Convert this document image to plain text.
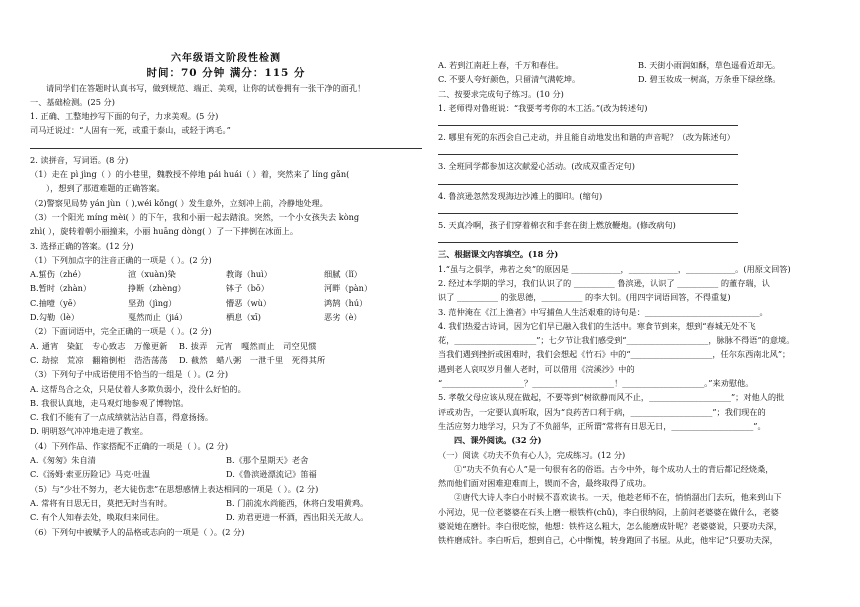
六年级语文阶段性检测
时间：70 分钟 满分：115 分
请同学们在答题时认真书写，做到规范、端正、美观，让你的试卷拥有一张干净的面孔！
一、基础检测。(25 分)
1. 正确、工整地抄写下面的句子，力求美观。(5 分)
司马迁说过：“人固有一死，或重于泰山，或轻于鸿毛。”
2. 读拼音，写词语。(8 分)
（1）走在 pì jìng（ ）的小巷里，魏教授不停地 pái huái（ ）着，突然来了 líng gǎn(
），想到了那道难题的正确答案。
（2)警察见局势 yán jùn（ ),wéi kǒng( ）发生意外，立刻冲上前，冷静地处理。
（3）一个阳光 míng mèi( ）的下午，我和小丽一起去踏浪。突然，一个小女孩失去 kòng
zhì( ），旋转着朝小丽撞来，小丽 huāng dòng( ）了一下摔倒在冰面上。
3. 选择正确的答案。(12 分)
（1）下列加点字的注音正确的一项是（ ）。(2 分)
A.蜇伤（zhé）	渲（xuàn)染	教诲（huì）	细腻（lǐ）
B.暂时（zhàn）	挣断（zhèng）	钵子（bō）	河畔（pàn）
C.抽噎（yē）	坚劲（jìng）	懵恶（wù）	鸿鹄（hú）
D.勾勒（lè）	戛然而止（jiá）	栖息（xī)	恶劣（è）
（2）下面词语中，完全正确的一项是（ ）。(2 分)
A. 通宵 染缸 专心致志 万像更新 B. 拔弄 元宵 嘎然而止 司空见惯
C. 劫掠 荒凉 翻箱倒柜 浩浩荡荡 D. 截然 蜡八粥 一泄千里 死得其所
（3）下列句子中成语使用不恰当的一组是（ ）。(2 分)
A. 这帮鸟合之众，只是仗着人多欺负弱小，没什么好怕的。
B. 我很认真地，走马观灯地参观了博物馆。
C. 我们不能有了一点成绩就沾沾自喜，得意扬扬。
D. 明明怒气冲冲地走进了教室。
（4）下列作品、作家搭配不正确的一项是（ ）。(2 分)
A.《匆匆》朱自清	B.《那个星期天》老舍
C.《汤姆·索亚历险记》马克·吐温	D.《鲁滨逊漂流记》笛福
（5）与“少壮不努力，老大徒伤悲”在思想感情上表达相同的一项是（ ）。(2 分)
A. 常将有日思无日，莫把无时当有时。	B. 门前流水尚能西，休将白发唱黄鸡。
C. 有个人知春去处，唤取归来同住。	D. 劝君更进一杯酒，西出阳关无故人。
（6）下列句中被赋予人的品格或志向的一项是（ ）。(2 分)
A. 若到江南赶上春，千万和春住。	B. 天街小雨润如酥，草色遥看近却无。
C. 不要人夸好颜色，只留清气满乾坤。	D. 碧玉妆成一树高，万条垂下绿丝绦。
二、按要求完成句子练习。(10 分)
1. 老师得对鲁班说：“我要考考你的木工活。”(改为转述句)
2. 哪里有死的东西会自己走动，并且能自动地发出和谐的声音呢？（改为陈述句）
3. 全班同学都参加这次献爱心活动。(改成双重否定句)
4. 鲁滨逊忽然发现海边沙滩上的脚印。(缩句)
5. 天真冷啊，孩子们穿着棉衣和手套在街上燃放鞭炮。(修改病句)
三、根据课文内容填空。(18 分)
1.“虽与之俱学，弗若之矣”的原因是 ____________，____________，____________。(用原文回答)
2. 经过本学期的学习，我们认识了的 __________ 鲁滨逊，认识了 __________ 的董存瑞，认
识了 __________ 的张思德，__________ 的李大钊。(用四字词语回答，不得重复)
3. 范仲淹在《江上渔者》中写捕鱼人生活艰难的诗句是：____________________________。
4. 我们热爱古诗词，因为它们早已融入我们的生活中。寒食节到来，想到“春城无处不飞
花，____________________”；七夕节让我们感受到“____________________，脉脉不得语”的意境。
当我们遇到挫折或困难时，我们会想起《竹石》中的“____________________，任尔东西南北风”；
遇到老人哀叹岁月催人老时，可以借用《浣溪沙》中的
“____________________？____________________！____________________。”来劝慰他。
5. 孝敬父母应该从现在做起，不要等到“树欲静而风不止，____________________”；对他人的批
评或劝告，一定要认真听取，因为“良药苦口利于病，____________________”；我们现在的
生活应努力地学习，只为了不负韶华，正所谓“常将有日思无日，____________________”。
四、课外阅读。(32 分)
（一）阅读《功夫不负有心人》，完成练习。(12 分)
①“功夫不负有心人”是一句很有名的俗语。古今中外，每个成功人士的背后都记经烧桑，
然而他们面对困难迎难而上，锲而不舍，最终取得了成功。
②唐代大诗人李白小时候不喜欢读书。一天，他趁老师不在，悄悄溜出门去玩，他来到山下
小河边，见一位老婆婆在石头上磨一根铁杵(chǔ)，李白很纳闷，上前问老婆婆在做什么，老婆
婆说她在磨针。李白很吃惊，他想：铁杵这么粗大，怎么能磨成针呢？老婆婆说，只要功夫深，
铁杵磨成针。李白听后，想到自己，心中惭愧，转身跑回了书屋。从此，他牢记“只要功夫深，
